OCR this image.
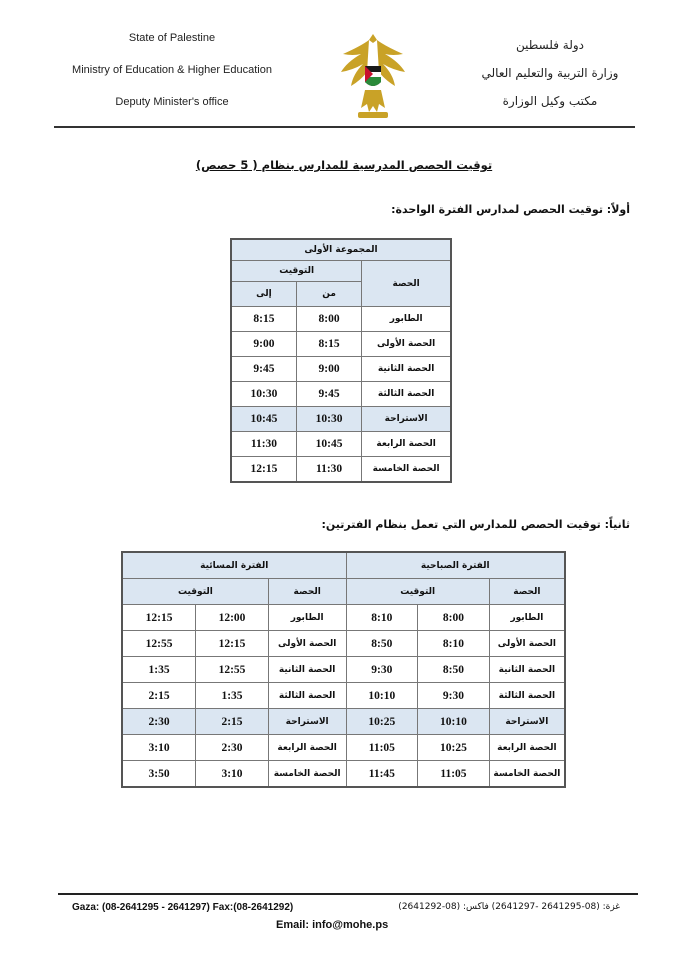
State of Palestine
Ministry of Education & Higher Education
Deputy Minister's office
دولة فلسطين
وزارة التربية والتعليم العالي
مكتب وكيل الوزارة
توقيت الحصص المدرسية للمدارس بنظام ( 5 حصص)
أولاً: توقيت الحصص لمدارس الفترة الواحدة:
المجموعة الأولى		
الحصة	التوقيت	
	من	إلى
الطابور	8:00	8:15
الحصة الأولى	8:15	9:00
الحصة الثانية	9:00	9:45
الحصة الثالثة	9:45	10:30
الاستراحة	10:30	10:45
الحصة الرابعة	10:45	11:30
الحصة الخامسة	11:30	12:15
ثانياً: توقيت الحصص للمدارس التي تعمل بنظام الفترتين:
الفترة الصباحية			الفترة المسائية		
الحصة	التوقيت		الحصة	التوقيت	
الطابور	8:00	8:10	الطابور	12:00	12:15
الحصة الأولى	8:10	8:50	الحصة الأولى	12:15	12:55
الحصة الثانية	8:50	9:30	الحصة الثانية	12:55	1:35
الحصة الثالثة	9:30	10:10	الحصة الثالثة	1:35	2:15
الاستراحة	10:10	10:25	الاستراحة	2:15	2:30
الحصة الرابعة	10:25	11:05	الحصة الرابعة	2:30	3:10
الحصة الخامسة	11:05	11:45	الحصة الخامسة	3:10	3:50
Gaza: (08-2641295 - 2641297) Fax:(08-2641292)	غزة: (08-2641295 -2641297) فاكس: (08-2641292)
Email: info@mohe.ps
